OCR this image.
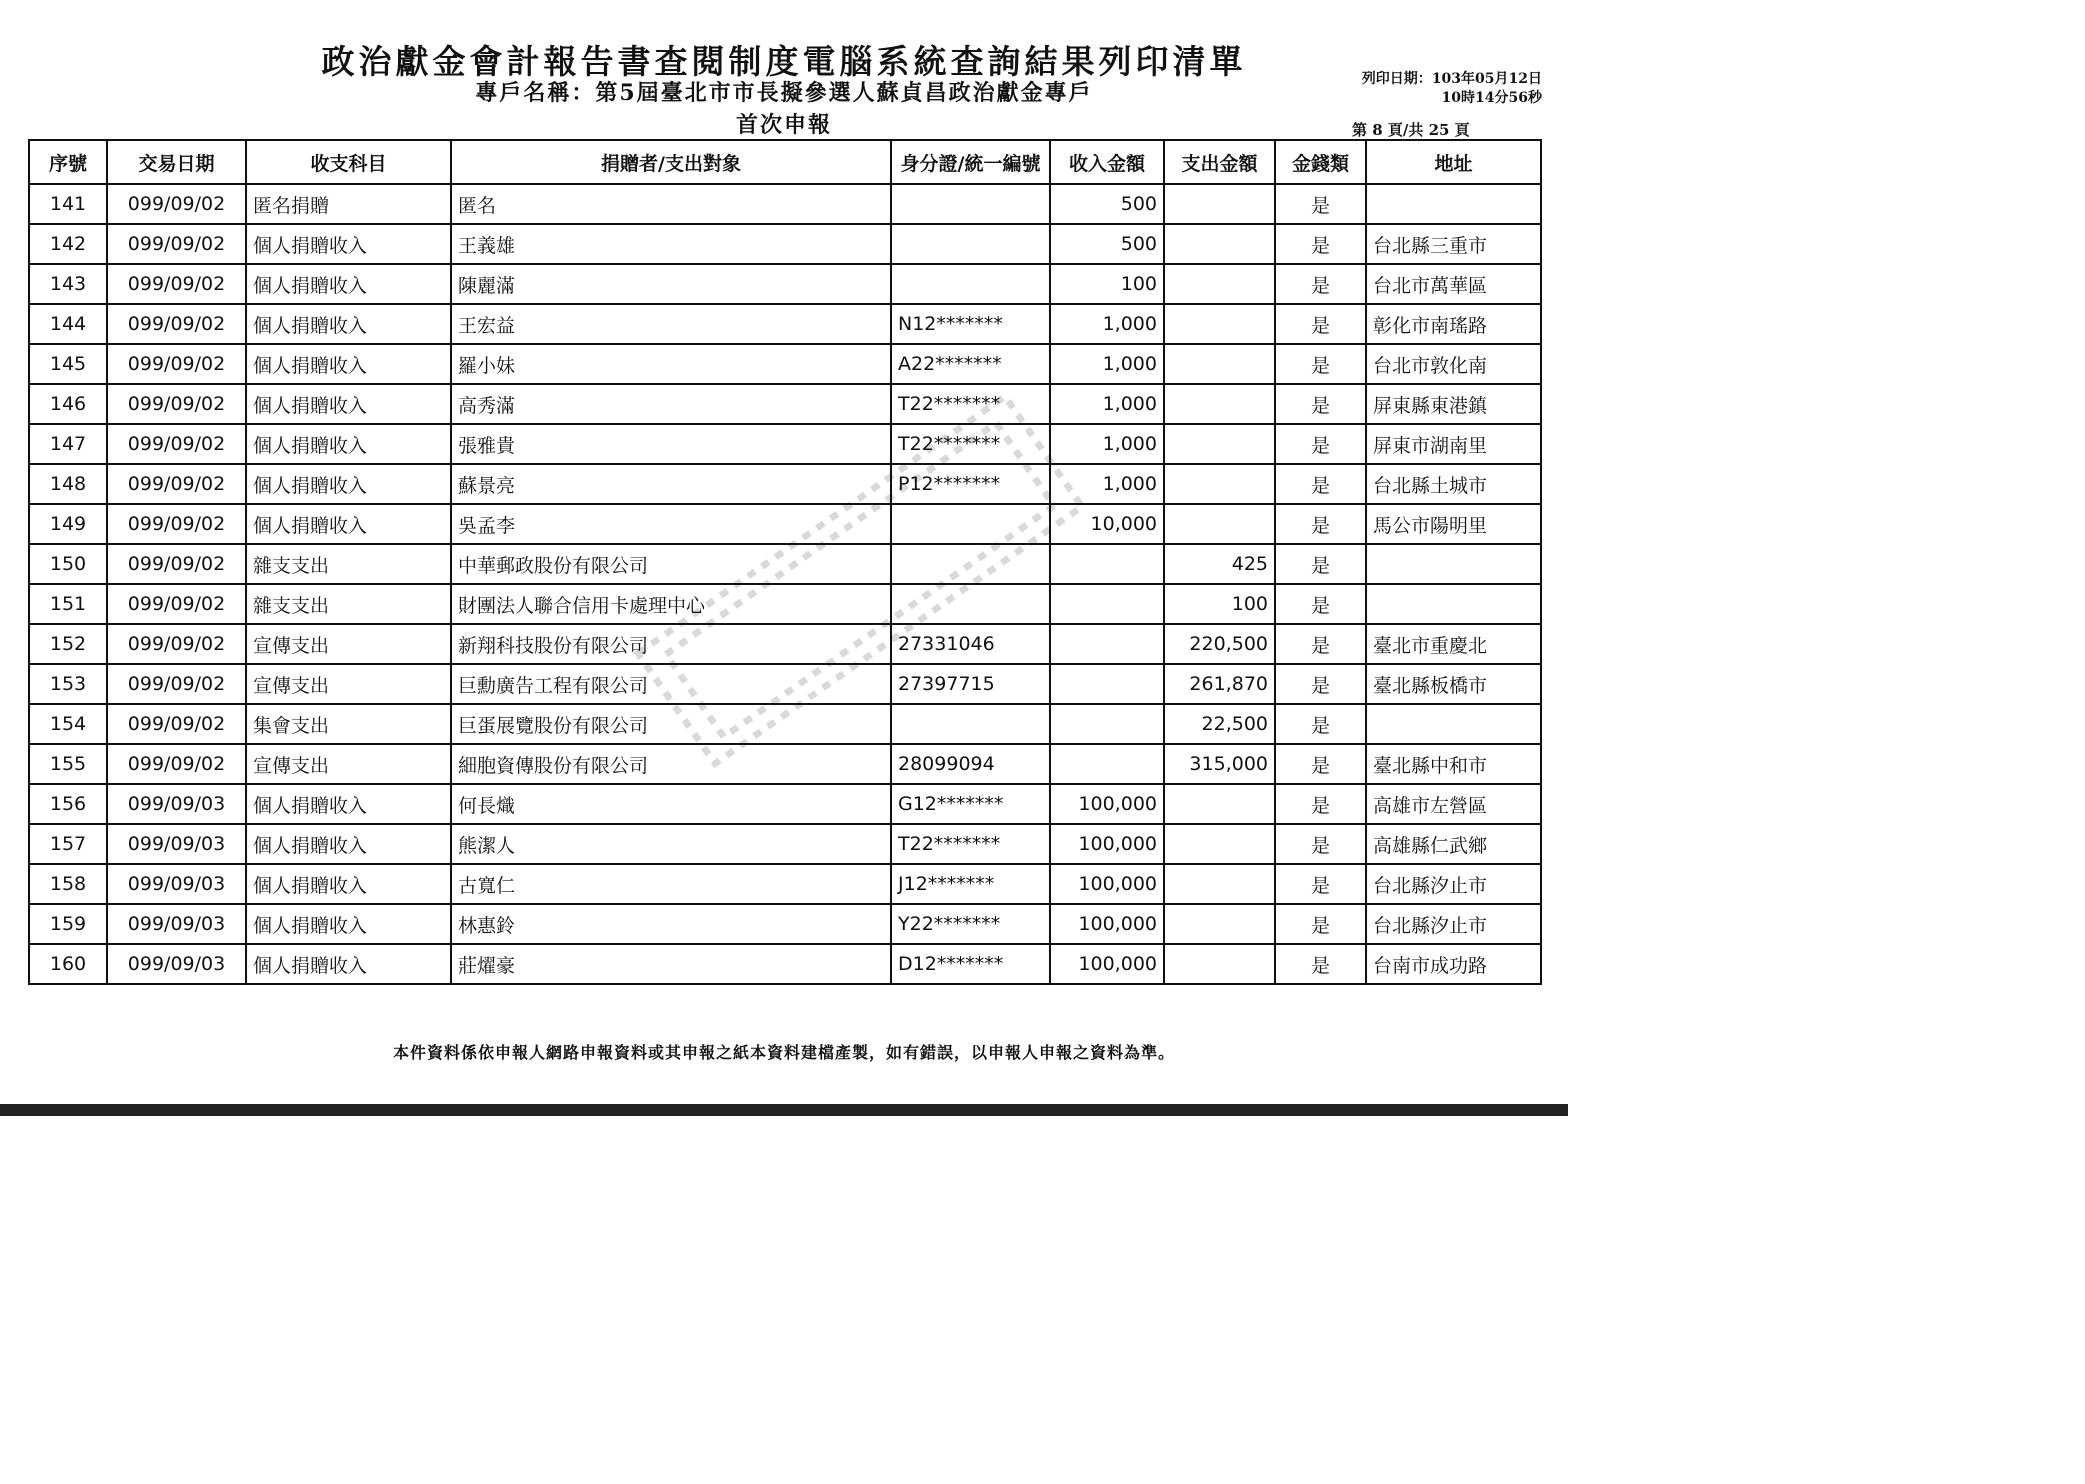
政治獻金會計報告書查閱制度電腦系統查詢結果列印清單
專戶名稱：第5屆臺北市市長擬參選人蘇貞昌政治獻金專戶
首次申報
列印日期：103年05月12日
10時14分56秒
第 8 頁/共 25 頁
序號	交易日期	收支科目	捐贈者/支出對象	身分證/統一編號	收入金額	支出金額	金錢類	地址
141	099/09/02	匿名捐贈	匿名		500		是	
142	099/09/02	個人捐贈收入	王義雄		500		是	台北縣三重市
143	099/09/02	個人捐贈收入	陳麗滿		100		是	台北市萬華區
144	099/09/02	個人捐贈收入	王宏益	N12*******	1,000		是	彰化市南瑤路
145	099/09/02	個人捐贈收入	羅小妹	A22*******	1,000		是	台北市敦化南
146	099/09/02	個人捐贈收入	高秀滿	T22*******	1,000		是	屏東縣東港鎮
147	099/09/02	個人捐贈收入	張雅貴	T22*******	1,000		是	屏東市湖南里
148	099/09/02	個人捐贈收入	蘇景亮	P12*******	1,000		是	台北縣土城市
149	099/09/02	個人捐贈收入	吳孟李		10,000		是	馬公市陽明里
150	099/09/02	雜支支出	中華郵政股份有限公司			425	是	
151	099/09/02	雜支支出	財團法人聯合信用卡處理中心			100	是	
152	099/09/02	宣傳支出	新翔科技股份有限公司	27331046		220,500	是	臺北市重慶北
153	099/09/02	宣傳支出	巨勳廣告工程有限公司	27397715		261,870	是	臺北縣板橋市
154	099/09/02	集會支出	巨蛋展覽股份有限公司			22,500	是	
155	099/09/02	宣傳支出	細胞資傳股份有限公司	28099094		315,000	是	臺北縣中和市
156	099/09/03	個人捐贈收入	何長熾	G12*******	100,000		是	高雄市左營區
157	099/09/03	個人捐贈收入	熊潔人	T22*******	100,000		是	高雄縣仁武鄉
158	099/09/03	個人捐贈收入	古寬仁	J12*******	100,000		是	台北縣汐止市
159	099/09/03	個人捐贈收入	林惠鈴	Y22*******	100,000		是	台北縣汐止市
160	099/09/03	個人捐贈收入	莊燿豪	D12*******	100,000		是	台南市成功路
本件資料係依申報人網路申報資料或其申報之紙本資料建檔產製，如有錯誤，以申報人申報之資料為準。
